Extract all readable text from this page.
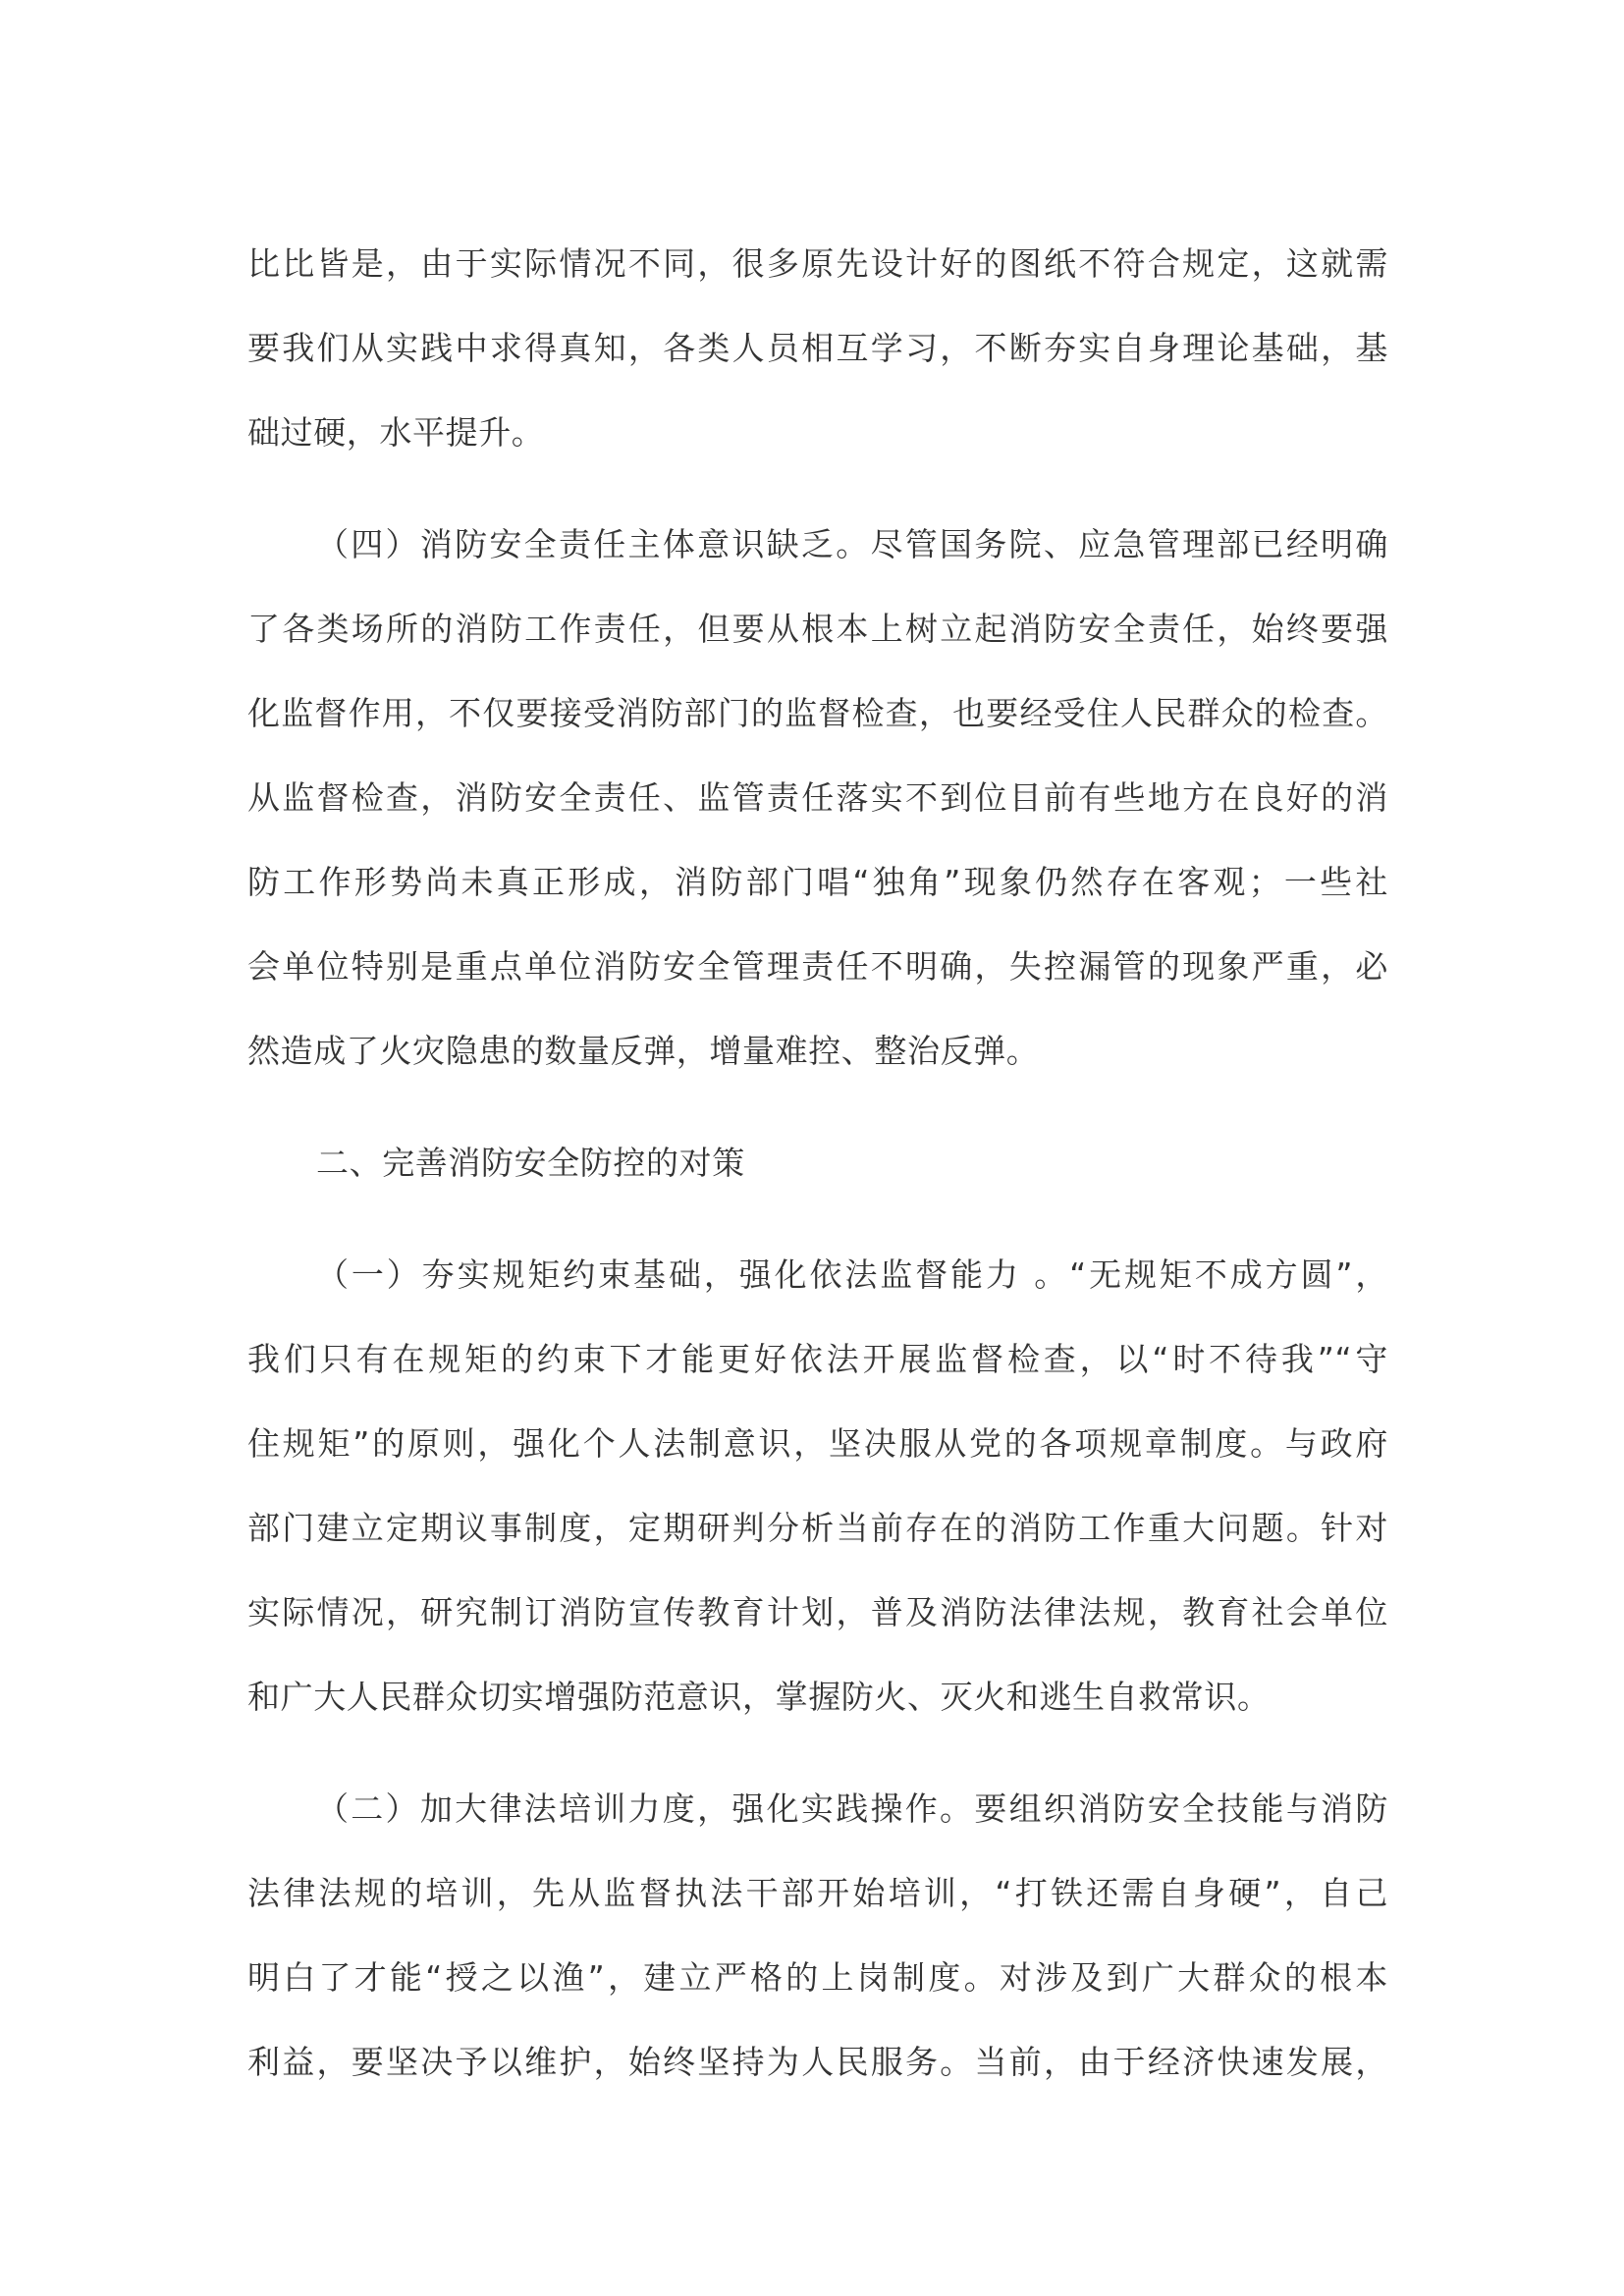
比比皆是，由于实际情况不同，很多原先设计好的图纸不符合规定，这就需
要我们从实践中求得真知，各类人员相互学习，不断夯实自身理论基础，基
础过硬，水平提升。
（四）消防安全责任主体意识缺乏。尽管国务院、应急管理部已经明确
了各类场所的消防工作责任，但要从根本上树立起消防安全责任，始终要强
化监督作用，不仅要接受消防部门的监督检查，也要经受住人民群众的检查。
从监督检查，消防安全责任、监管责任落实不到位目前有些地方在良好的消
防工作形势尚未真正形成，消防部门唱“独角”现象仍然存在客观；一些社
会单位特别是重点单位消防安全管理责任不明确，失控漏管的现象严重，必
然造成了火灾隐患的数量反弹，增量难控、整治反弹。
二、完善消防安全防控的对策
（一）夯实规矩约束基础，强化依法监督能力 。“无规矩不成方圆”，
我们只有在规矩的约束下才能更好依法开展监督检查，以“时不待我”“守
住规矩”的原则，强化个人法制意识，坚决服从党的各项规章制度。与政府
部门建立定期议事制度，定期研判分析当前存在的消防工作重大问题。针对
实际情况，研究制订消防宣传教育计划，普及消防法律法规，教育社会单位
和广大人民群众切实增强防范意识，掌握防火、灭火和逃生自救常识。
（二）加大律法培训力度，强化实践操作。要组织消防安全技能与消防
法律法规的培训，先从监督执法干部开始培训，“打铁还需自身硬”，自己
明白了才能“授之以渔”，建立严格的上岗制度。对涉及到广大群众的根本
利益，要坚决予以维护，始终坚持为人民服务。当前，由于经济快速发展，
